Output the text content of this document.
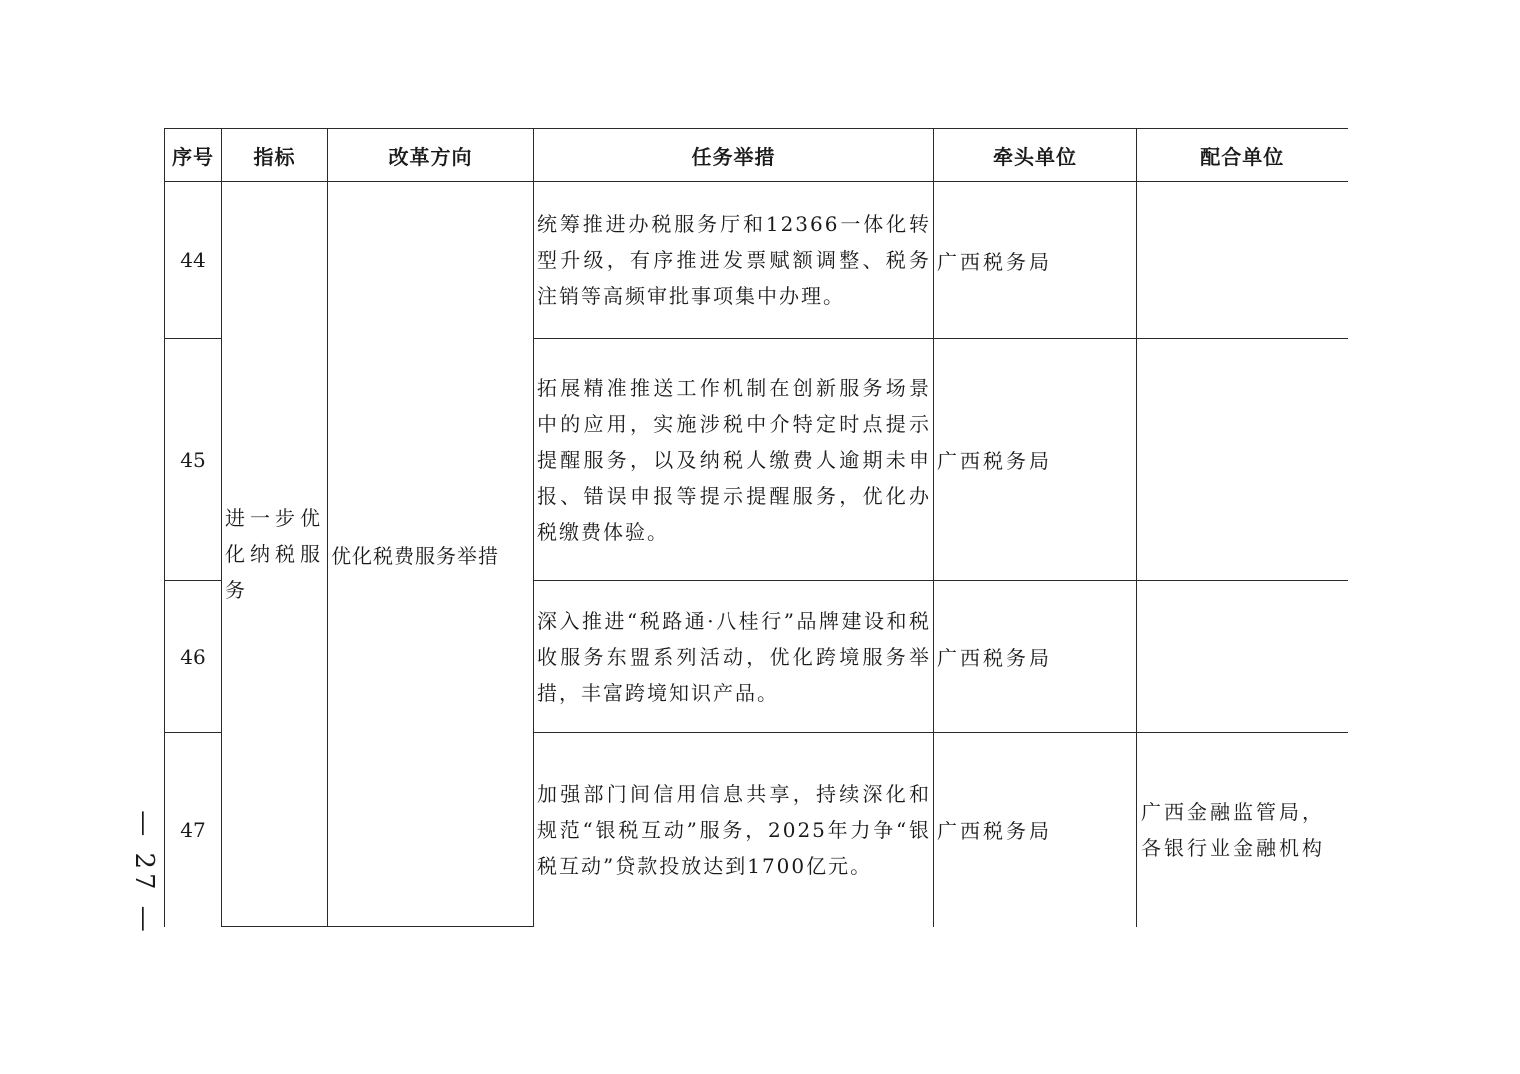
序号	指标	改革方向	任务举措	牵头单位	配合单位
44	进一步优化纳税服务	优化税费服务举措	统筹推进办税服务厅和12366一体化转型升级，有序推进发票赋额调整、税务注销等高频审批事项集中办理。	广西税务局	
45			拓展精准推送工作机制在创新服务场景中的应用，实施涉税中介特定时点提示提醒服务，以及纳税人缴费人逾期未申报、错误申报等提示提醒服务，优化办税缴费体验。	广西税务局	
46			深入推进“税路通·八桂行”品牌建设和税收服务东盟系列活动，优化跨境服务举措，丰富跨境知识产品。	广西税务局	
47			加强部门间信用信息共享，持续深化和规范“银税互动”服务，2025年力争“银税互动”贷款投放达到1700亿元。	广西税务局	广西金融监管局，
各银行业金融机构
— 27 —
